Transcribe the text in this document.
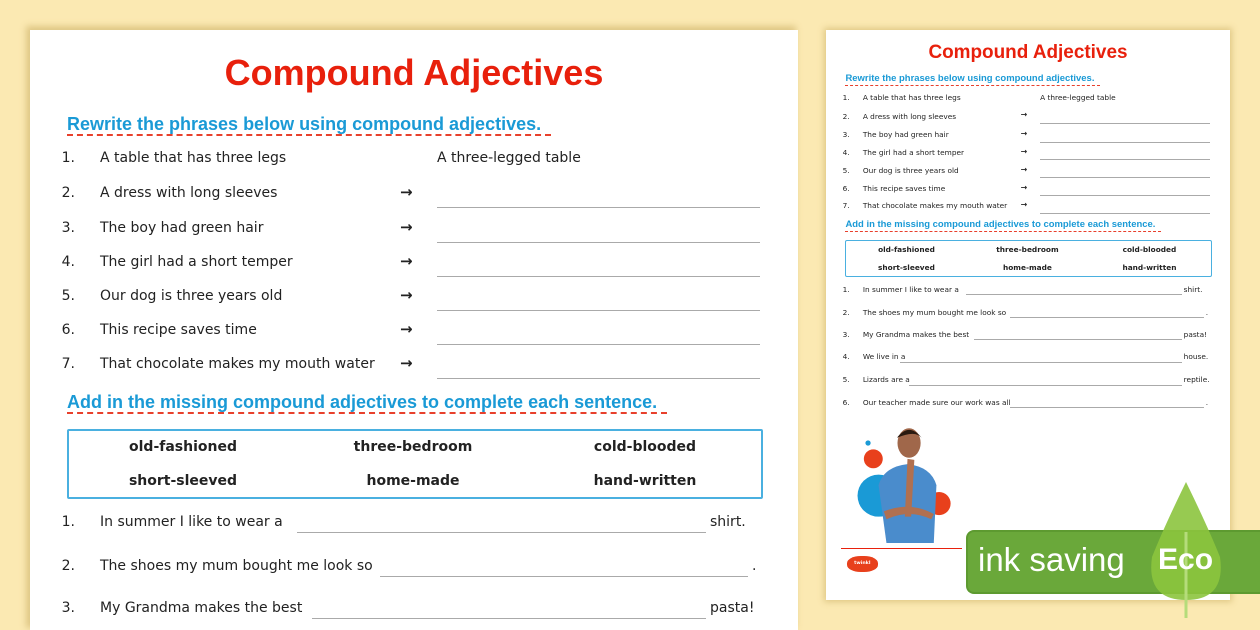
Compound Adjectives
Rewrite the phrases below using compound adjectives.
1. A table that has three legs	A three-legged table
2. A dress with long sleeves	→
3. The boy had green hair	→
4. The girl had a short temper	→
5. Our dog is three years old	→
6. This recipe saves time	→
7. That chocolate makes my mouth water →
Add in the missing compound adjectives to complete each sentence.
old-fashioned	three-bedroom	cold-blooded
short-sleeved	home-made	hand-written
1. In summer I like to wear a	shirt.
2. The shoes my mum bought me look so	.
3. My Grandma makes the best	pasta!
Compound Adjectives
Rewrite the phrases below using compound adjectives.
1. A table that has three legs	A three-legged table
2. A dress with long sleeves	→
3. The boy had green hair	→
4. The girl had a short temper	→
5. Our dog is three years old	→
6. This recipe saves time	→
7. That chocolate makes my mouth water →
Add in the missing compound adjectives to complete each sentence.
old-fashioned	three-bedroom	cold-blooded
short-sleeved	home-made	hand-written
1. In summer I like to wear a	shirt.
2. The shoes my mum bought me look so	.
3. My Grandma makes the best	pasta!
4. We live in a	house.
5. Lizards are a	reptile.
6. Our teacher made sure our work was all	.
twinkl	ink saving Eco
